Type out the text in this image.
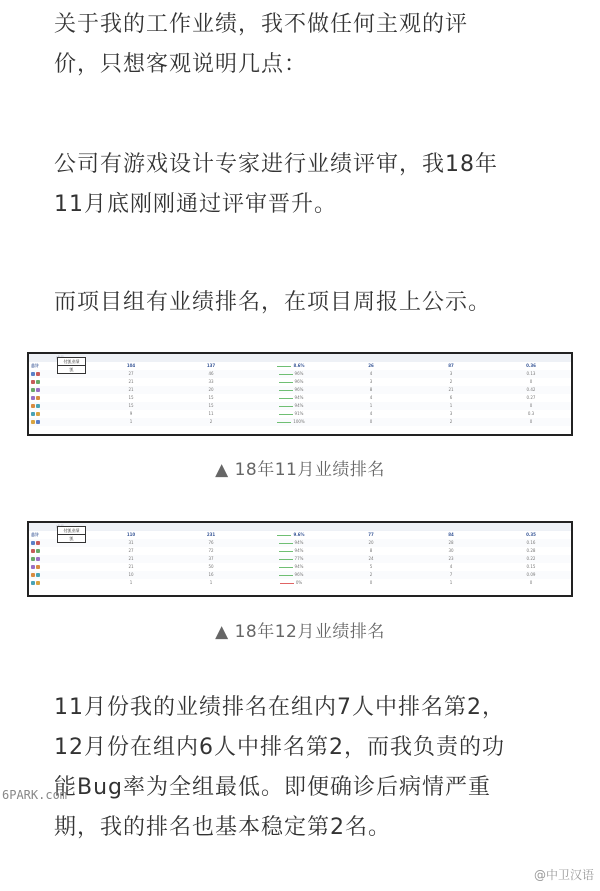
关于我的工作业绩，我不做任何主观的评
价，只想客观说明几点：
公司有游戏设计专家进行业绩评审，我18年
11月底刚刚通过评审晋升。
而项目组有业绩排名，在项目周报上公示。

总计	104	137	8.6%	26	87	0.36
	27	46	96%	4	3	0.13
	21	33	96%	3	2	0
	21	20	96%	8	21	0.42
	15	15	94%	4	6	0.27
	15	15	94%	1	1	0
	9	11	91%	4	3	0.3
	1	2	100%	0	2	0
付凯业绩
凯
▲ 18年11月业绩排名

总计	110	231	9.6%	77	84	0.35
	31	76	94%	20	28	0.16
	27	72	94%	8	30	0.28
	21	37	77%	24	23	0.22
	21	50	94%	5	4	0.15
	10	16	96%	2	7	0.09
	1	1	0%	0	1	0
付凯业绩
凯
▲ 18年12月业绩排名
11月份我的业绩排名在组内7人中排名第2，
12月份在组内6人中排名第2，而我负责的功
能Bug率为全组最低。即便确诊后病情严重
期，我的排名也基本稳定第2名。
6PARK.com
@中卫汉语
